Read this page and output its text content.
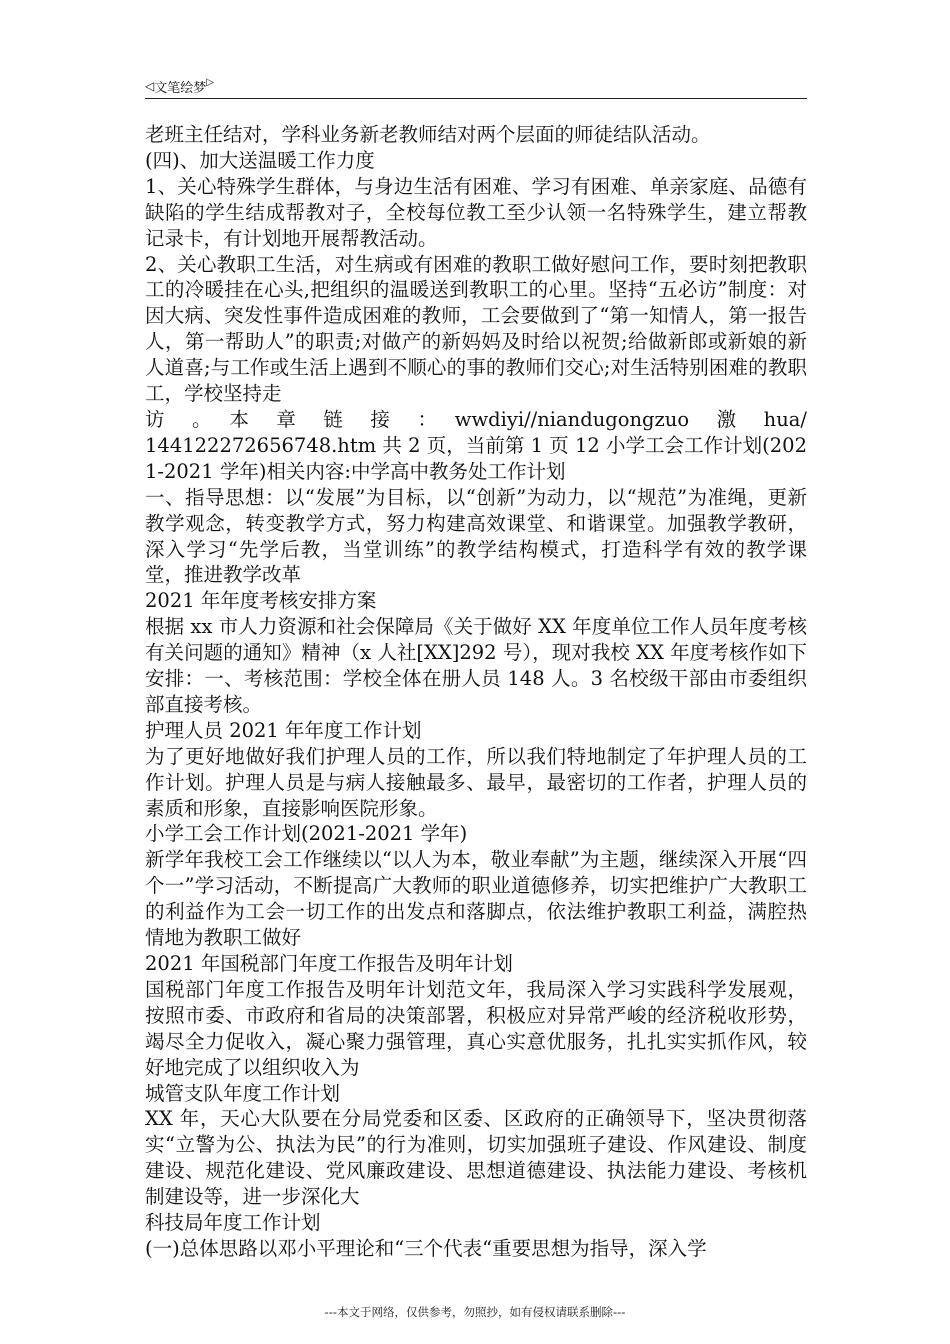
◁ 文笔绘梦 ▷

老班主任结对，学科业务新老教师结对两个层面的师徒结队活动。

(四)、加大送温暖工作力度

1、关心特殊学生群体，与身边生活有困难、学习有困难、单亲家庭、品德有缺陷的学生结成帮教对子，全校每位教工至少认领一名特殊学生，建立帮教记录卡，有计划地开展帮教活动。

2、关心教职工生活，对生病或有困难的教职工做好慰问工作，要时刻把教职工的冷暖挂在心头,把组织的温暖送到教职工的心里。坚持“五必访”制度：对因大病、突发性事件造成困难的教师，工会要做到了“第一知情人，第一报告人，第一帮助人”的职责;对做产的新妈妈及时给以祝贺;给做新郎或新娘的新人道喜;与工作或生活上遇到不顺心的事的教师们交心;对生活特别困难的教职工，学校坚持走

访　。　本　章　链　接　：　wwdiyi//niandugongzuo　激　hua/

14412227265​6748.htm 共 2 页，当前第 1 页 12 小学工会工作计划(2021-2021 学年)相关内容:中学高中教务处工作计划

一、指导思想：以“发展”为目标，以“创新”为动力，以“规范”为准绳，更新教学观念，转变教学方式，努力构建高效课堂、和谐课堂。加强教学教研，深入学习“先学后教，当堂训练”的教学结构模式，打造科学有效的教学课堂，推进教学改革

2021 年年度考核安排方案

根据 xx 市人力资源和社会保障局《关于做好 XX 年度单位工作人员年度考核有关问题的通知》精神（x 人社[XX]292 号），现对我校 XX 年度考核作如下安排：一、考核范围：学校全体在册人员 148 人。3 名校级干部由市委组织部直接考核。

护理人员 2021 年年度工作计划

为了更好地做好我们护理人员的工作，所以我们特地制定了年护理人员的工作计划。护理人员是与病人接触最多、最早，最密切的工作者，护理人员的素质和形象，直接影响医院形象。

小学工会工作计划(2021-2021 学年)

新学年我校工会工作继续以“以人为本，敬业奉献”为主题，继续深入开展“四个一”学习活动，不断提高广大教师的职业道德修养，切实把维护广大教职工的利益作为工会一切工作的出发点和落脚点，依法维护教职工利益，满腔热情地为教职工做好

2021 年国税部门年度工作报告及明年计划

国税部门年度工作报告及明年计划范文年，我局深入学习实践科学发展观，按照市委、市政府和省局的决策部署，积极应对异常严峻的经济税收形势，竭尽全力促收入，凝心聚力强管理，真心实意优服务，扎扎实实抓作风，较好地完成了以组织收入为

城管支队年度工作计划

XX 年，天心大队要在分局党委和区委、区政府的正确领导下，坚决贯彻落实“立警为公、执法为民”的行为准则，切实加强班子建设、作风建设、制度建设、规范化建设、党风廉政建设、思想道德建设、执法能力建设、考核机制建设等，进一步深化大

科技局年度工作计划

(一)总体思路以邓小平理论和“三个代表“重要思想为指导，深入学

---本文于网络，仅供参考，勿照抄，如有侵权请联系删除---
